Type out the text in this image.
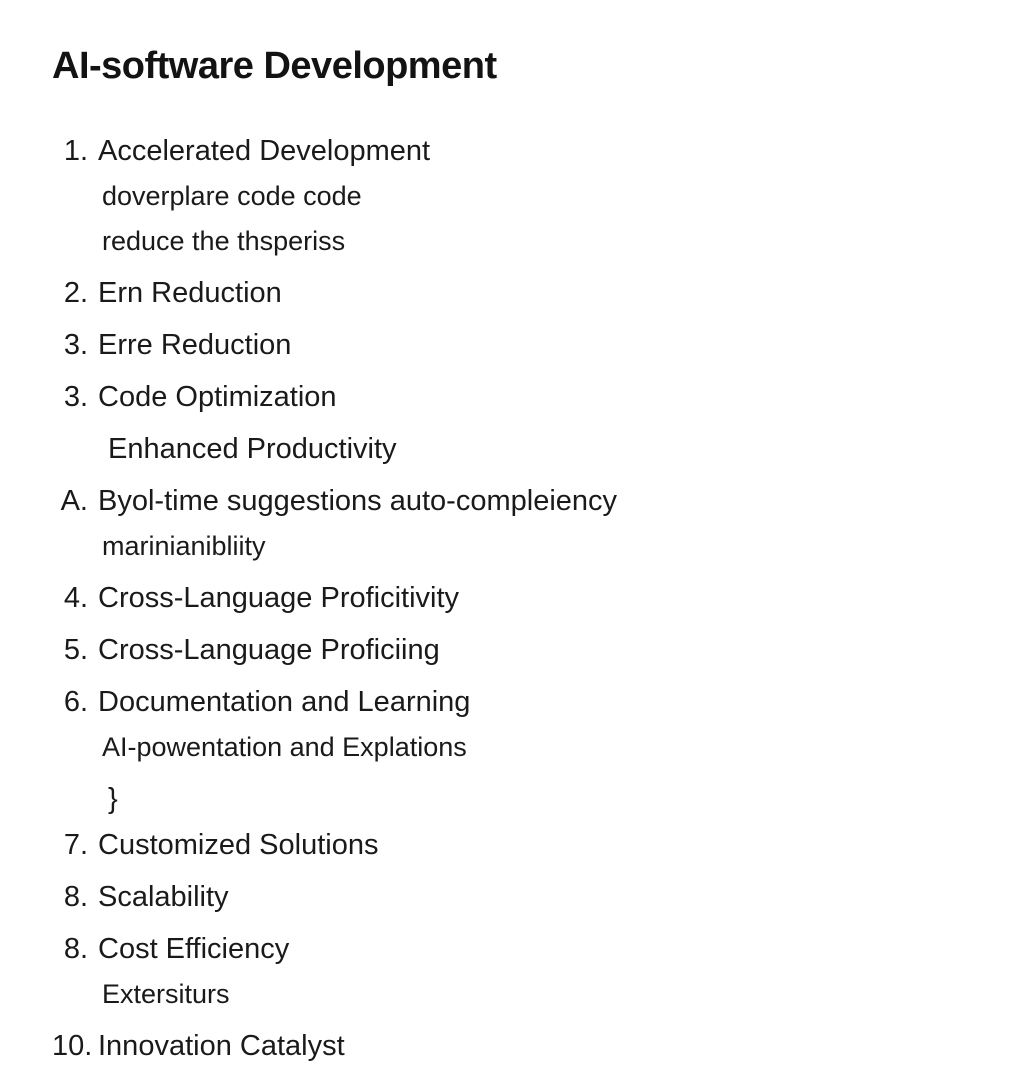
AI-software Development
1. Accelerated Development
doverplare code code
reduce the thsperiss
2. Ern Reduction
3. Erre Reduction
3. Code Optimization
Enhanced Productivity
A. Byol-time suggestions auto-compleiency
marinianibliity
4. Cross-Language Proficitivity
5. Cross-Language Proficiing
6. Documentation and Learning
AI-powentation and Explations
}
7. Customized Solutions
8. Scalability
8. Cost Efficiency
Extersiturs
10. Innovation Catalyst
